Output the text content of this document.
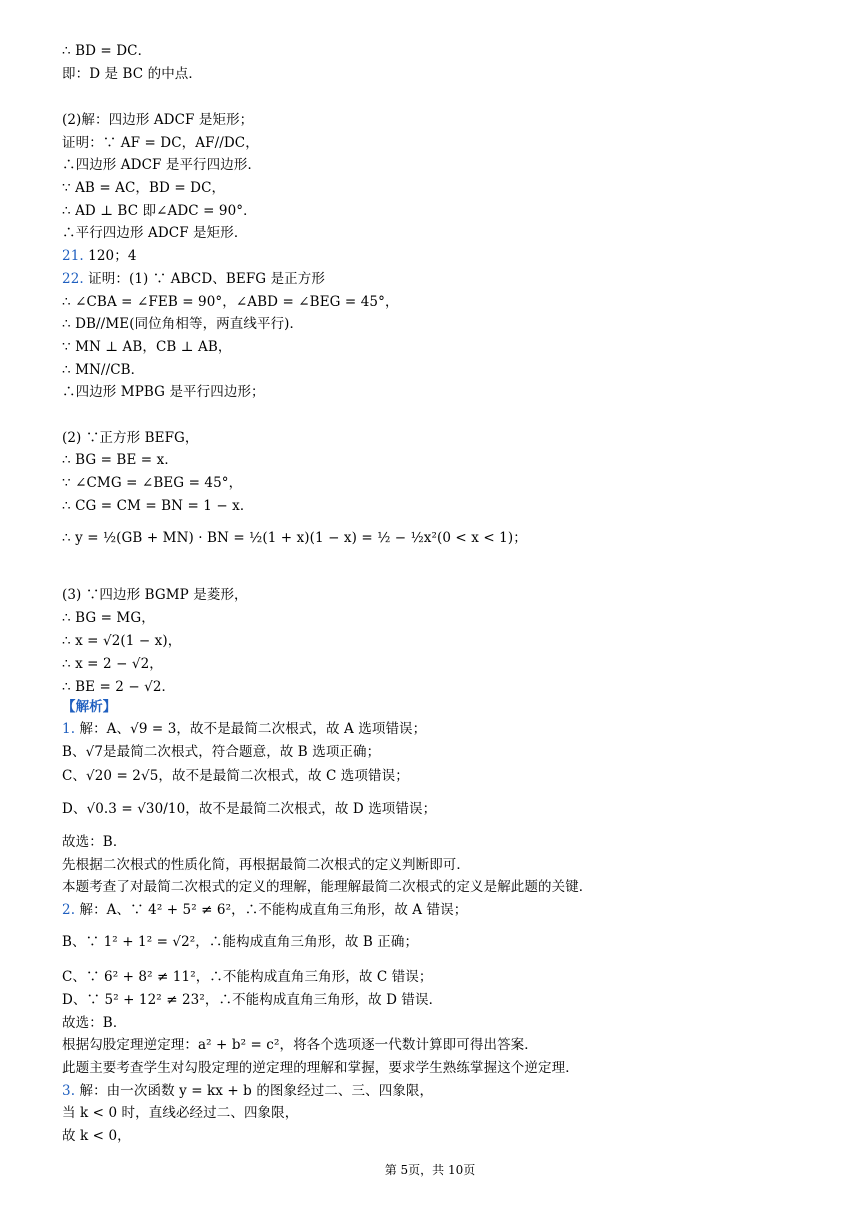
∴ BD = DC．
即：D 是 BC 的中点．
(2)解：四边形 ADCF 是矩形；
证明：∵ AF = DC，AF//DC，
∴四边形 ADCF 是平行四边形．
∵ AB = AC，BD = DC，
∴ AD ⊥ BC 即∠ADC = 90°．
∴平行四边形 ADCF 是矩形．
21. 120；4
22. 证明：(1) ∵ ABCD、BEFG 是正方形
∴ ∠CBA = ∠FEB = 90°，∠ABD = ∠BEG = 45°，
∴ DB//ME(同位角相等，两直线平行)．
∵ MN ⊥ AB，CB ⊥ AB，
∴ MN//CB．
∴四边形 MPBG 是平行四边形；
(2) ∵正方形 BEFG，
∴ BG = BE = x．
∵ ∠CMG = ∠BEG = 45°，
∴ CG = CM = BN = 1 − x．
∴ y = ½(GB + MN) · BN = ½(1 + x)(1 − x) = ½ − ½x²(0 < x < 1)；
(3) ∵四边形 BGMP 是菱形，
∴ BG = MG，
∴ x = √2(1 − x)，
∴ x = 2 − √2，
∴ BE = 2 − √2．
【解析】
1. 解：A、√9 = 3，故不是最简二次根式，故 A 选项错误；
B、√7是最简二次根式，符合题意，故 B 选项正确；
C、√20 = 2√5，故不是最简二次根式，故 C 选项错误；
D、√0.3 = √30/10，故不是最简二次根式，故 D 选项错误；
故选：B．
先根据二次根式的性质化简，再根据最简二次根式的定义判断即可．
本题考查了对最简二次根式的定义的理解，能理解最简二次根式的定义是解此题的关键．
2. 解：A、∵ 4² + 5² ≠ 6²，∴不能构成直角三角形，故 A 错误；
B、∵ 1² + 1² = √2²，∴能构成直角三角形，故 B 正确；
C、∵ 6² + 8² ≠ 11²，∴不能构成直角三角形，故 C 错误；
D、∵ 5² + 12² ≠ 23²，∴不能构成直角三角形，故 D 错误．
故选：B．
根据勾股定理逆定理：a² + b² = c²，将各个选项逐一代数计算即可得出答案．
此题主要考查学生对勾股定理的逆定理的理解和掌握，要求学生熟练掌握这个逆定理．
3. 解：由一次函数 y = kx + b 的图象经过二、三、四象限，
当 k < 0 时，直线必经过二、四象限，
故 k < 0，
第 5页，共 10页
